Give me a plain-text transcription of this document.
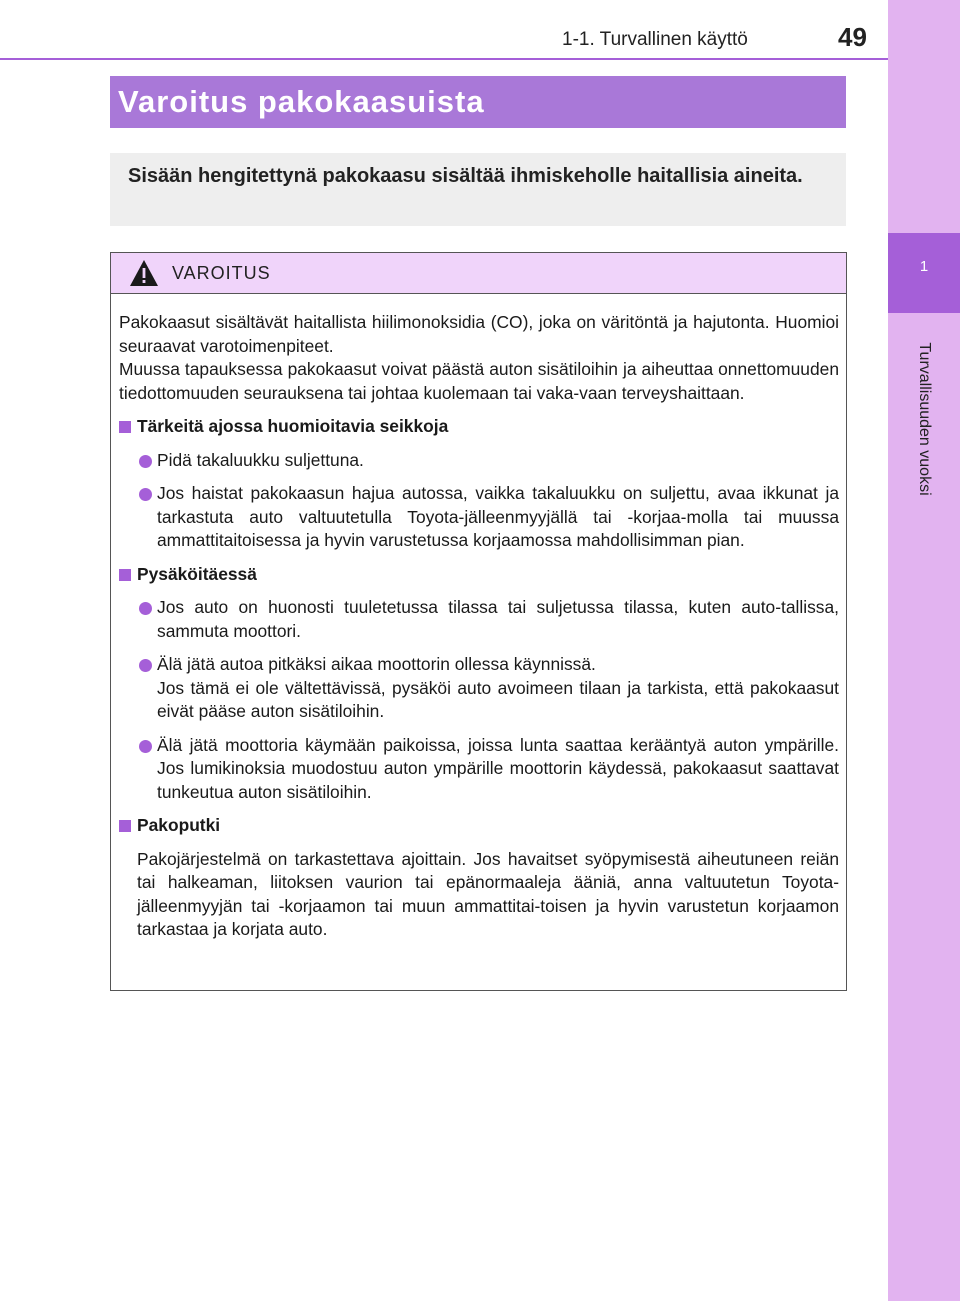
1
Turvallisuuden vuoksi
1-1. Turvallinen käyttö	49
Varoitus pakokaasuista
Sisään hengitettynä pakokaasu sisältää ihmiskeholle haitallisia aineita.
VAROITUS

Pakokaasut sisältävät haitallista hiilimonoksidia (CO), joka on väritöntä ja hajutonta. Huomioi seuraavat varotoimenpiteet.

Muussa tapauksessa pakokaasut voivat päästä auton sisätiloihin ja aiheuttaa onnettomuuden tiedottomuuden seurauksena tai johtaa kuolemaan tai vaka-vaan terveyshaittaan.

Tärkeitä ajossa huomioitavia seikkoja
Pidä takaluukku suljettuna.
Jos haistat pakokaasun hajua autossa, vaikka takaluukku on suljettu, avaa ikkunat ja tarkastuta auto valtuutetulla Toyota-jälleenmyyjällä tai -korjaa-molla tai muussa ammattitaitoisessa ja hyvin varustetussa korjaamossa mahdollisimman pian.
Pysäköitäessä
Jos auto on huonosti tuuletetussa tilassa tai suljetussa tilassa, kuten auto-tallissa, sammuta moottori.
Älä jätä autoa pitkäksi aikaa moottorin ollessa käynnissä.
Jos tämä ei ole vältettävissä, pysäköi auto avoimeen tilaan ja tarkista, että pakokaasut eivät pääse auton sisätiloihin.
Älä jätä moottoria käymään paikoissa, joissa lunta saattaa kerääntyä auton ympärille. Jos lumikinoksia muodostuu auton ympärille moottorin käydessä, pakokaasut saattavat tunkeutua auton sisätiloihin.
Pakoputki
Pakojärjestelmä on tarkastettava ajoittain. Jos havaitset syöpymisestä aiheutuneen reiän tai halkeaman, liitoksen vaurion tai epänormaaleja ääniä, anna valtuutetun Toyota-jälleenmyyjän tai -korjaamon tai muun ammattitai-toisen ja hyvin varustetun korjaamon tarkastaa ja korjata auto.
